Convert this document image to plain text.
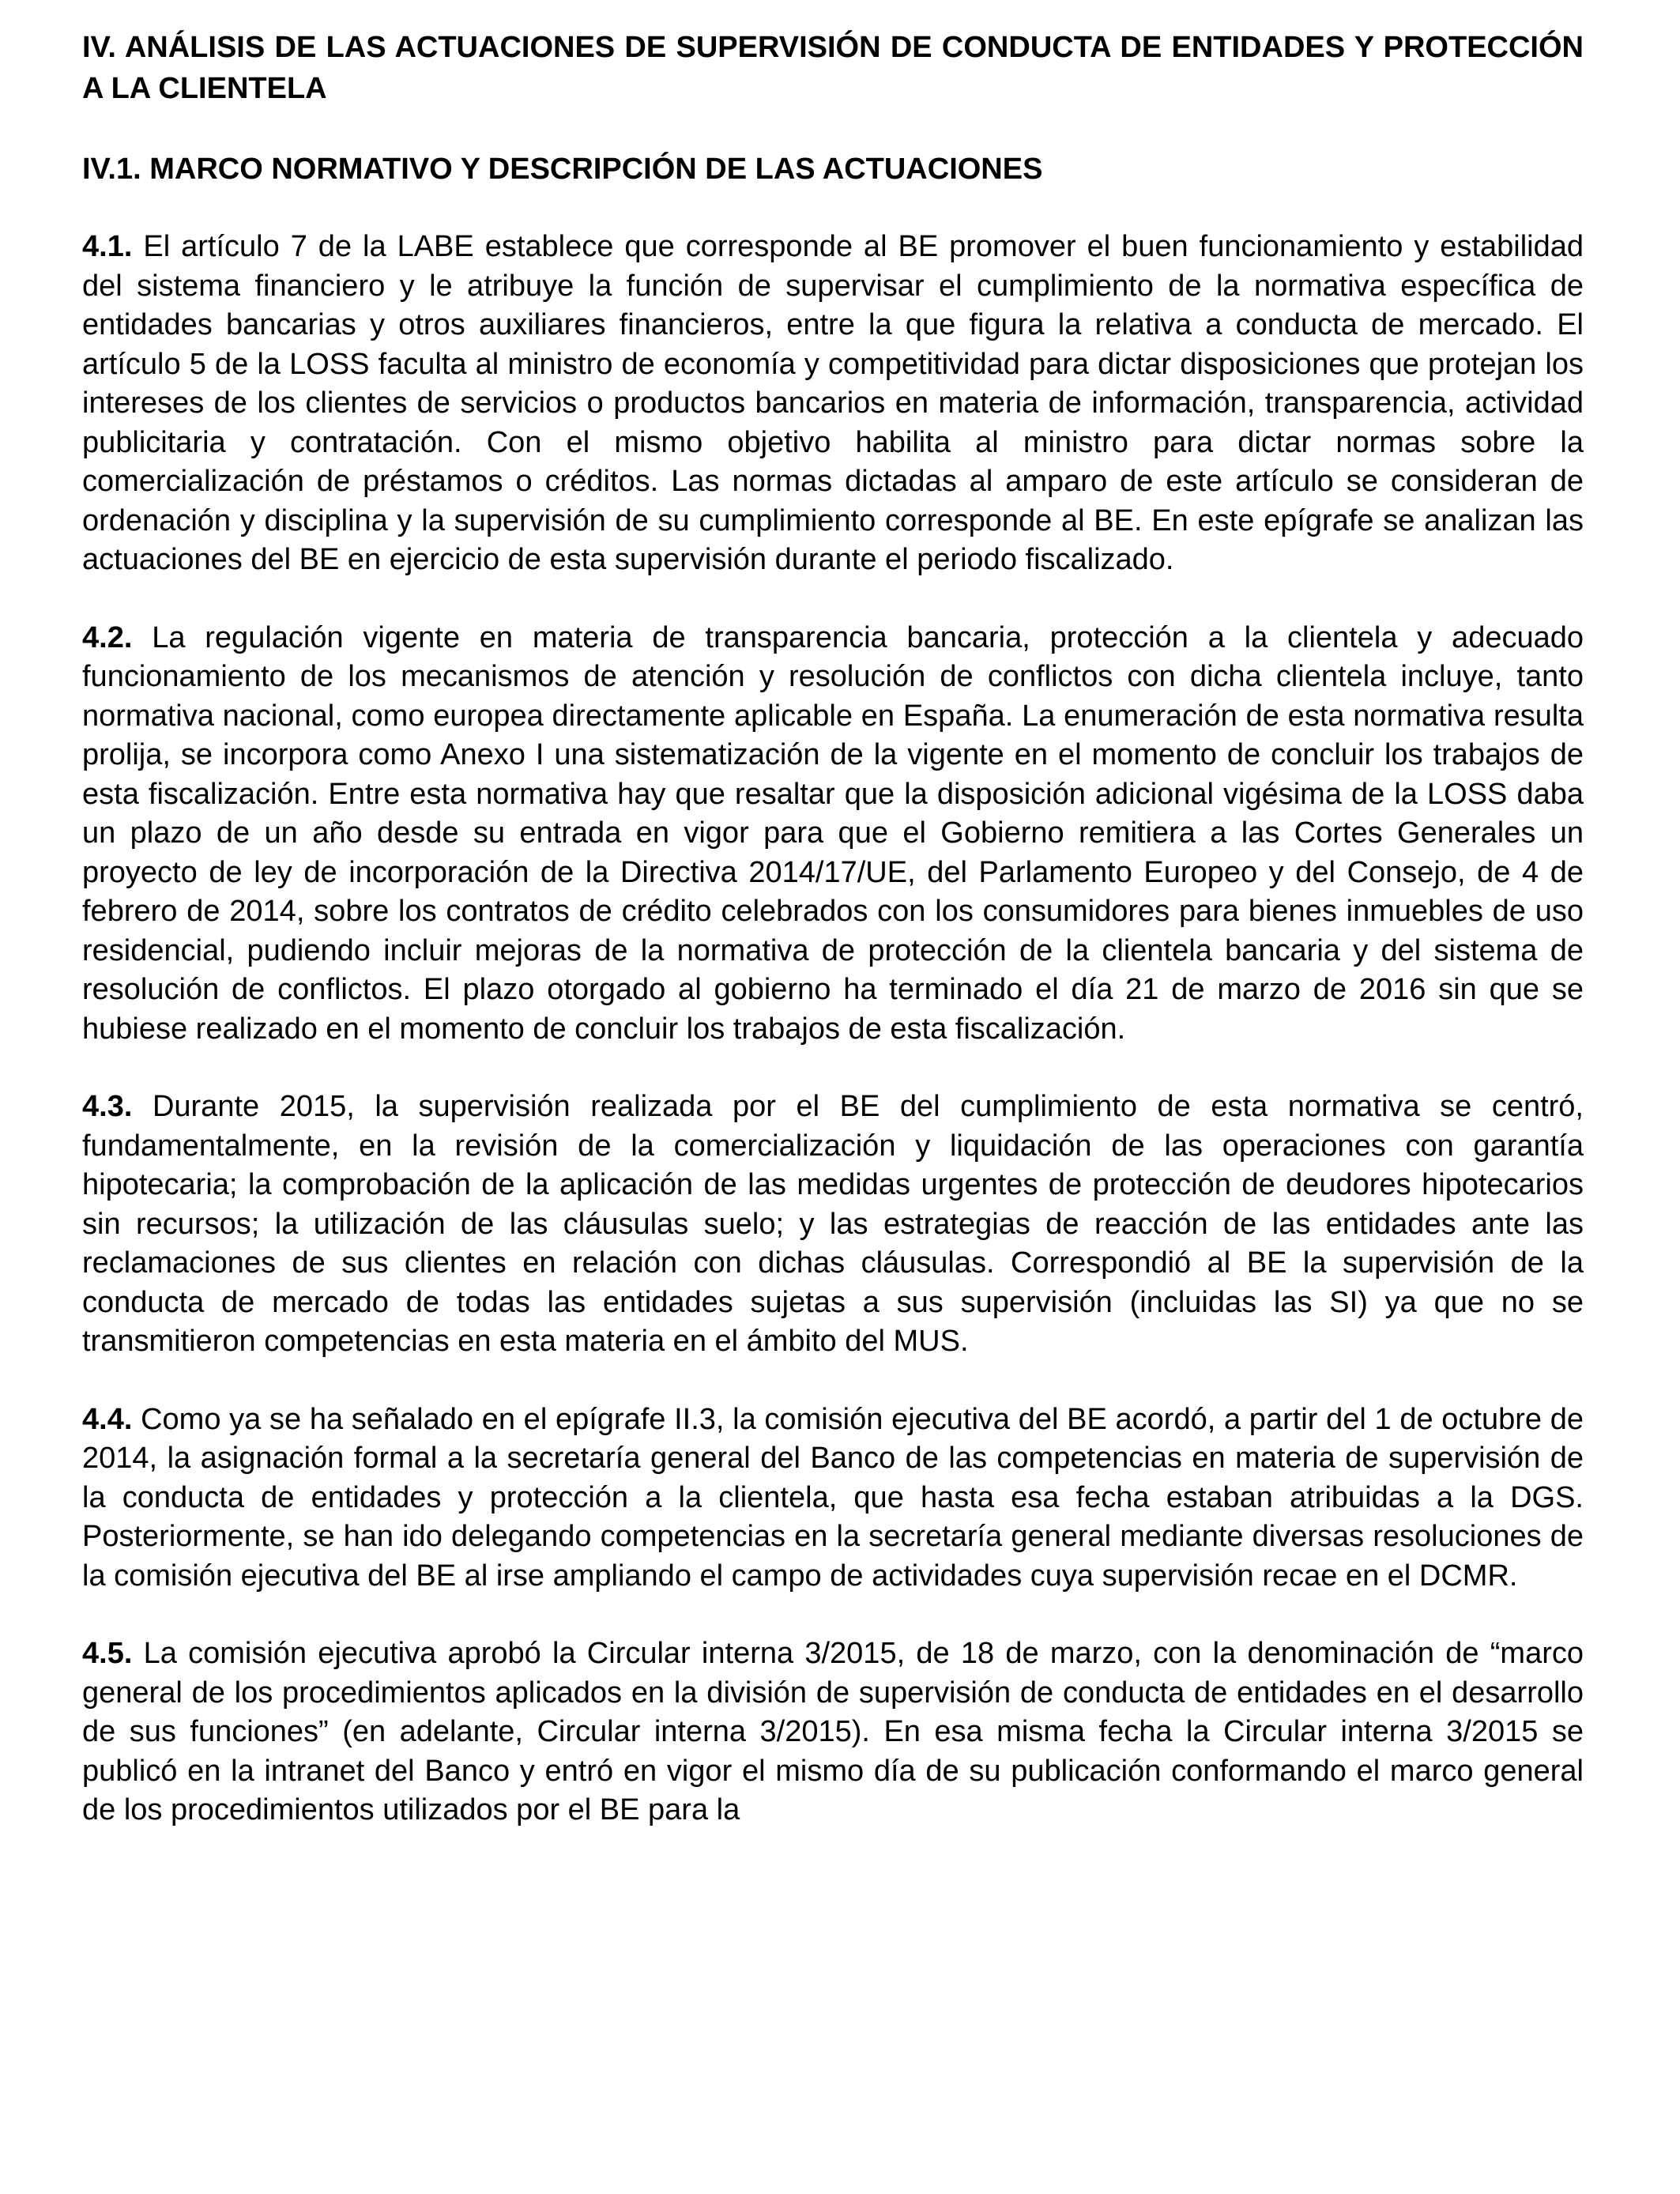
IV. ANÁLISIS DE LAS ACTUACIONES DE SUPERVISIÓN DE CONDUCTA DE ENTIDADES Y PROTECCIÓN A LA CLIENTELA
IV.1. MARCO NORMATIVO Y DESCRIPCIÓN DE LAS ACTUACIONES

4.1. El artículo 7 de la LABE establece que corresponde al BE promover el buen funcionamiento y estabilidad del sistema financiero y le atribuye la función de supervisar el cumplimiento de la normativa específica de entidades bancarias y otros auxiliares financieros, entre la que figura la relativa a conducta de mercado. El artículo 5 de la LOSS faculta al ministro de economía y competitividad para dictar disposiciones que protejan los intereses de los clientes de servicios o productos bancarios en materia de información, transparencia, actividad publicitaria y contratación. Con el mismo objetivo habilita al ministro para dictar normas sobre la comercialización de préstamos o créditos. Las normas dictadas al amparo de este artículo se consideran de ordenación y disciplina y la supervisión de su cumplimiento corresponde al BE. En este epígrafe se analizan las actuaciones del BE en ejercicio de esta supervisión durante el periodo fiscalizado.

4.2. La regulación vigente en materia de transparencia bancaria, protección a la clientela y adecuado funcionamiento de los mecanismos de atención y resolución de conflictos con dicha clientela incluye, tanto normativa nacional, como europea directamente aplicable en España. La enumeración de esta normativa resulta prolija, se incorpora como Anexo I una sistematización de la vigente en el momento de concluir los trabajos de esta fiscalización. Entre esta normativa hay que resaltar que la disposición adicional vigésima de la LOSS daba un plazo de un año desde su entrada en vigor para que el Gobierno remitiera a las Cortes Generales un proyecto de ley de incorporación de la Directiva 2014/17/UE, del Parlamento Europeo y del Consejo, de 4 de febrero de 2014, sobre los contratos de crédito celebrados con los consumidores para bienes inmuebles de uso residencial, pudiendo incluir mejoras de la normativa de protección de la clientela bancaria y del sistema de resolución de conflictos. El plazo otorgado al gobierno ha terminado el día 21 de marzo de 2016 sin que se hubiese realizado en el momento de concluir los trabajos de esta fiscalización.

4.3. Durante 2015, la supervisión realizada por el BE del cumplimiento de esta normativa se centró, fundamentalmente, en la revisión de la comercialización y liquidación de las operaciones con garantía hipotecaria; la comprobación de la aplicación de las medidas urgentes de protección de deudores hipotecarios sin recursos; la utilización de las cláusulas suelo; y las estrategias de reacción de las entidades ante las reclamaciones de sus clientes en relación con dichas cláusulas. Correspondió al BE la supervisión de la conducta de mercado de todas las entidades sujetas a sus supervisión (incluidas las SI) ya que no se transmitieron competencias en esta materia en el ámbito del MUS.

4.4. Como ya se ha señalado en el epígrafe II.3, la comisión ejecutiva del BE acordó, a partir del 1 de octubre de 2014, la asignación formal a la secretaría general del Banco de las competencias en materia de supervisión de la conducta de entidades y protección a la clientela, que hasta esa fecha estaban atribuidas a la DGS. Posteriormente, se han ido delegando competencias en la secretaría general mediante diversas resoluciones de la comisión ejecutiva del BE al irse ampliando el campo de actividades cuya supervisión recae en el DCMR.

4.5. La comisión ejecutiva aprobó la Circular interna 3/2015, de 18 de marzo, con la denominación de “marco general de los procedimientos aplicados en la división de supervisión de conducta de entidades en el desarrollo de sus funciones” (en adelante, Circular interna 3/2015). En esa misma fecha la Circular interna 3/2015 se publicó en la intranet del Banco y entró en vigor el mismo día de su publicación conformando el marco general de los procedimientos utilizados por el BE para la
